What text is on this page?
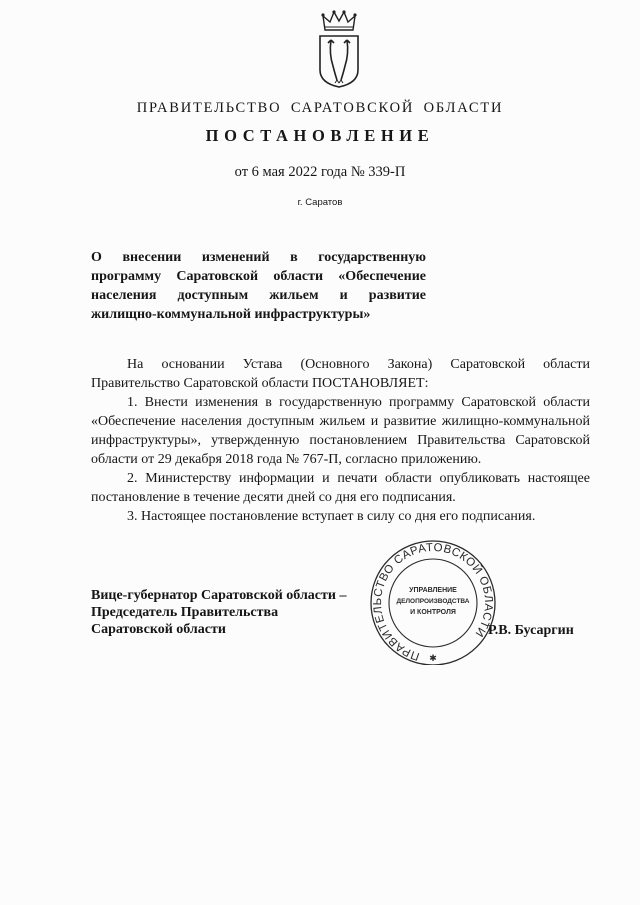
ПРАВИТЕЛЬСТВО САРАТОВСКОЙ ОБЛАСТИ
ПОСТАНОВЛЕНИЕ
от 6 мая 2022 года № 339-П
г. Саратов
О внесении изменений в государственную
программу Саратовской области «Обеспечение
населения доступным жильем и развитие
жилищно-коммунальной инфраструктуры»

На основании Устава (Основного Закона) Саратовской области Правительство Саратовской области ПОСТАНОВЛЯЕТ:

1. Внести изменения в государственную программу Саратовской области «Обеспечение населения доступным жильем и развитие жилищно-коммунальной инфраструктуры», утвержденную постановлением Правительства Саратовской области от 29 декабря 2018 года № 767-П, согласно приложению.

2. Министерству информации и печати области опубликовать настоящее постановление в течение десяти дней со дня его подписания.

3. Настоящее постановление вступает в силу со дня его подписания.

ПРАВИТЕЛЬСТВО САРАТОВСКОЙ ОБЛАСТИ
УПРАВЛЕНИЕ
ДЕЛОПРОИЗВОДСТВА
И КОНТРОЛЯ
✱
Вице-губернатор Саратовской области –
Председатель Правительства
Саратовской области	Р.В. Бусаргин
